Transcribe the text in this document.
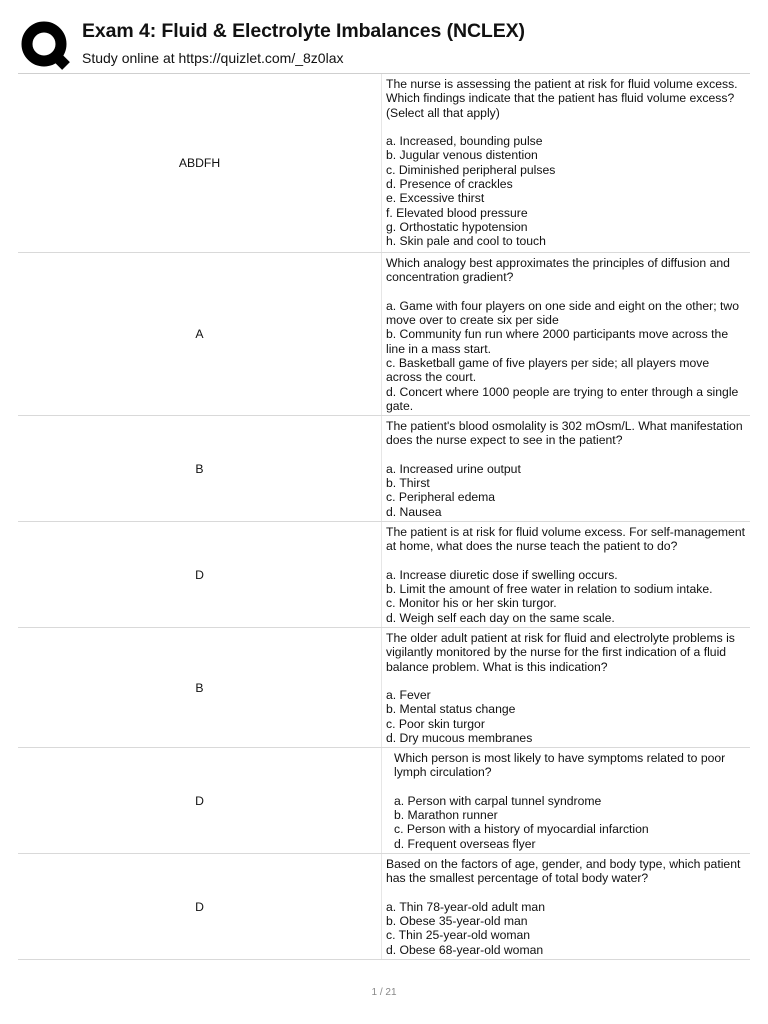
Exam 4: Fluid & Electrolyte Imbalances (NCLEX)
Study online at https://quizlet.com/_8z0lax
ABDFH
The nurse is assessing the patient at risk for fluid volume excess. Which findings indicate that the patient has fluid volume excess? (Select all that apply)
a. Increased, bounding pulse
b. Jugular venous distention
c. Diminished peripheral pulses
d. Presence of crackles
e. Excessive thirst
f. Elevated blood pressure
g. Orthostatic hypotension
h. Skin pale and cool to touch
A
Which analogy best approximates the principles of diffusion and concentration gradient?
a. Game with four players on one side and eight on the other; two move over to create six per side
b. Community fun run where 2000 participants move across the line in a mass start.
c. Basketball game of five players per side; all players move across the court.
d. Concert where 1000 people are trying to enter through a single gate.
B
The patient's blood osmolality is 302 mOsm/L. What manifestation does the nurse expect to see in the patient?
a. Increased urine output
b. Thirst
c. Peripheral edema
d. Nausea
D
The patient is at risk for fluid volume excess. For self-management at home, what does the nurse teach the patient to do?
a. Increase diuretic dose if swelling occurs.
b. Limit the amount of free water in relation to sodium intake.
c. Monitor his or her skin turgor.
d. Weigh self each day on the same scale.
B
The older adult patient at risk for fluid and electrolyte problems is vigilantly monitored by the nurse for the first indication of a fluid balance problem. What is this indication?
a. Fever
b. Mental status change
c. Poor skin turgor
d. Dry mucous membranes
D
Which person is most likely to have symptoms related to poor lymph circulation?
a. Person with carpal tunnel syndrome
b. Marathon runner
c. Person with a history of myocardial infarction
d. Frequent overseas flyer
D
Based on the factors of age, gender, and body type, which patient has the smallest percentage of total body water?
a. Thin 78-year-old adult man
b. Obese 35-year-old man
c. Thin 25-year-old woman
d. Obese 68-year-old woman
1 / 21
